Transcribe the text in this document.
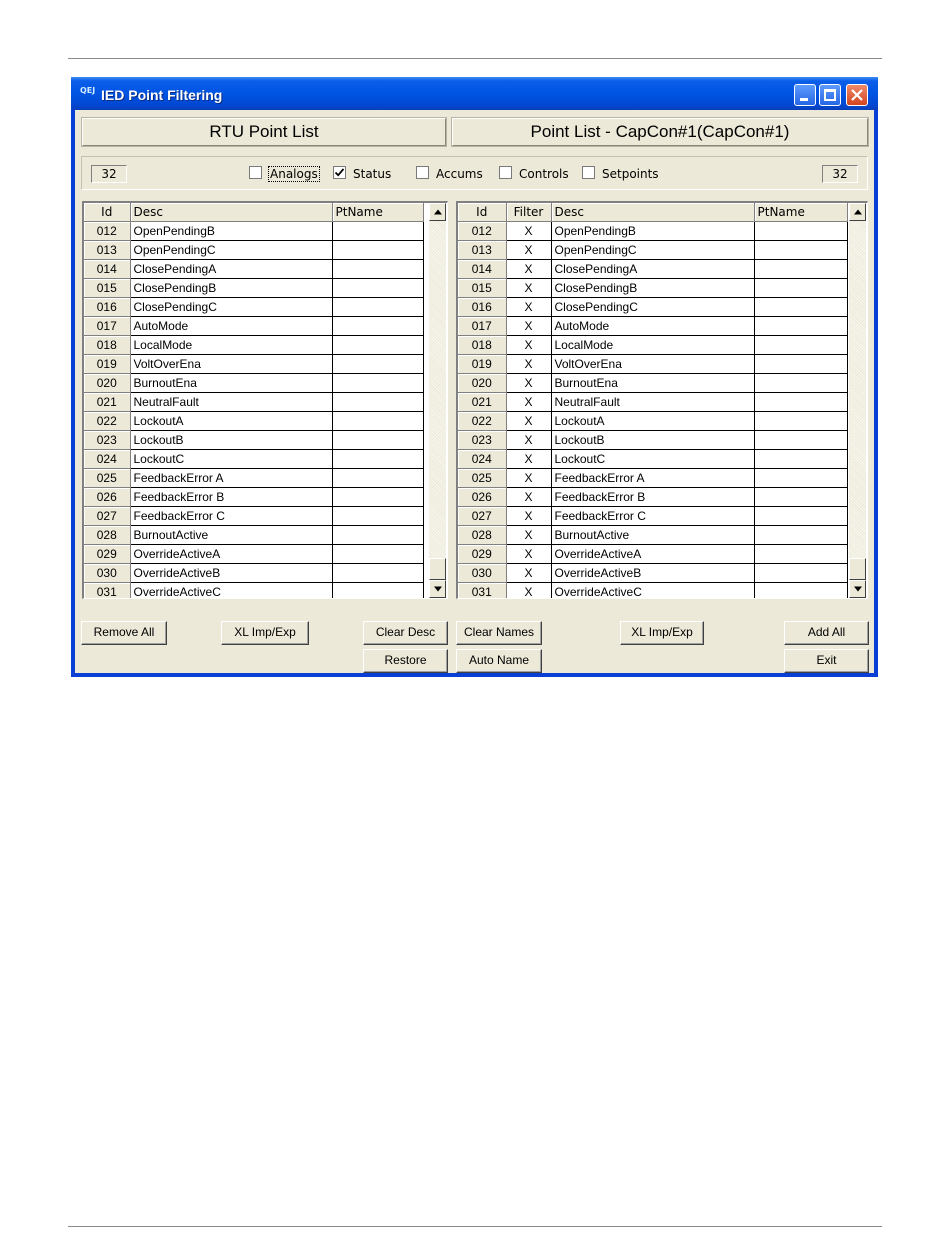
QEJ IED Point Filtering
RTU Point List	Point List - CapCon#1(CapCon#1)
32	Analogs	Status	Accums	Controls	Setpoints	32
Id	Desc	PtName
012	OpenPendingB	
013	OpenPendingC	
014	ClosePendingA	
015	ClosePendingB	
016	ClosePendingC	
017	AutoMode	
018	LocalMode	
019	VoltOverEna	
020	BurnoutEna	
021	NeutralFault	
022	LockoutA	
023	LockoutB	
024	LockoutC	
025	FeedbackError A	
026	FeedbackError B	
027	FeedbackError C	
028	BurnoutActive	
029	OverrideActiveA	
030	OverrideActiveB	
031	OverrideActiveC	
Id	Filter	Desc	PtName
012	X	OpenPendingB	
013	X	OpenPendingC	
014	X	ClosePendingA	
015	X	ClosePendingB	
016	X	ClosePendingC	
017	X	AutoMode	
018	X	LocalMode	
019	X	VoltOverEna	
020	X	BurnoutEna	
021	X	NeutralFault	
022	X	LockoutA	
023	X	LockoutB	
024	X	LockoutC	
025	X	FeedbackError A	
026	X	FeedbackError B	
027	X	FeedbackError C	
028	X	BurnoutActive	
029	X	OverrideActiveA	
030	X	OverrideActiveB	
031	X	OverrideActiveC	
Remove All	XL Imp/Exp	Clear Desc
Restore
Clear Names
Auto Name
XL Imp/Exp	Add All
Exit
